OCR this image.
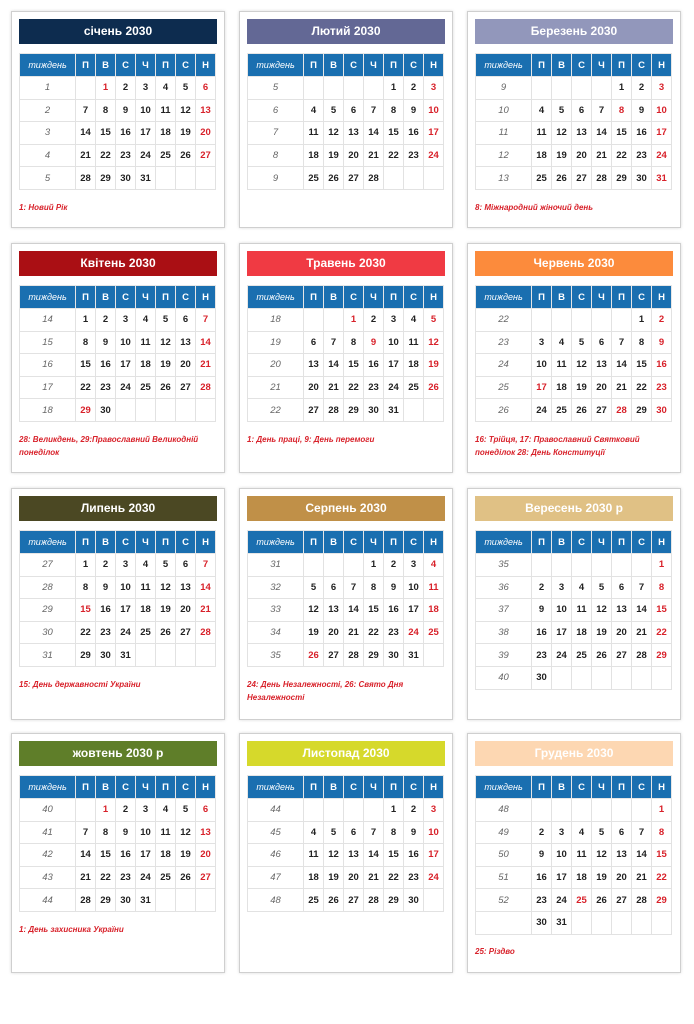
січень 2030
тиждень	П	В	С	Ч	П	С	Н
1		1	2	3	4	5	6
2	7	8	9	10	11	12	13
3	14	15	16	17	18	19	20
4	21	22	23	24	25	26	27
5	28	29	30	31			
1: Новий Рік
Лютий 2030
тиждень	П	В	С	Ч	П	С	Н
5					1	2	3
6	4	5	6	7	8	9	10
7	11	12	13	14	15	16	17
8	18	19	20	21	22	23	24
9	25	26	27	28			
Березень 2030
тиждень	П	В	С	Ч	П	С	Н
9					1	2	3
10	4	5	6	7	8	9	10
11	11	12	13	14	15	16	17
12	18	19	20	21	22	23	24
13	25	26	27	28	29	30	31
8: Міжнародний жіночий день
Квітень 2030
тиждень	П	В	С	Ч	П	С	Н
14	1	2	3	4	5	6	7
15	8	9	10	11	12	13	14
16	15	16	17	18	19	20	21
17	22	23	24	25	26	27	28
18	29	30					
28: Великдень, 29:Православний Великодній понеділок
Травень 2030
тиждень	П	В	С	Ч	П	С	Н
18			1	2	3	4	5
19	6	7	8	9	10	11	12
20	13	14	15	16	17	18	19
21	20	21	22	23	24	25	26
22	27	28	29	30	31		
1: День праці, 9: День перемоги
Червень 2030
тиждень	П	В	С	Ч	П	С	Н
22						1	2
23	3	4	5	6	7	8	9
24	10	11	12	13	14	15	16
25	17	18	19	20	21	22	23
26	24	25	26	27	28	29	30
16: Трійця, 17: Православний Святковий понеділок 28: День Конституції
Липень 2030
тиждень	П	В	С	Ч	П	С	Н
27	1	2	3	4	5	6	7
28	8	9	10	11	12	13	14
29	15	16	17	18	19	20	21
30	22	23	24	25	26	27	28
31	29	30	31				
15: День державності України
Серпень 2030
тиждень	П	В	С	Ч	П	С	Н
31				1	2	3	4
32	5	6	7	8	9	10	11
33	12	13	14	15	16	17	18
34	19	20	21	22	23	24	25
35	26	27	28	29	30	31	
24: День Незалежності, 26: Свято Дня Незалежності
Вересень 2030 р
тиждень	П	В	С	Ч	П	С	Н
35							1
36	2	3	4	5	6	7	8
37	9	10	11	12	13	14	15
38	16	17	18	19	20	21	22
39	23	24	25	26	27	28	29
40	30						
жовтень 2030 р
тиждень	П	В	С	Ч	П	С	Н
40		1	2	3	4	5	6
41	7	8	9	10	11	12	13
42	14	15	16	17	18	19	20
43	21	22	23	24	25	26	27
44	28	29	30	31			
1: День захисника України
Листопад 2030
тиждень	П	В	С	Ч	П	С	Н
44					1	2	3
45	4	5	6	7	8	9	10
46	11	12	13	14	15	16	17
47	18	19	20	21	22	23	24
48	25	26	27	28	29	30	
Грудень 2030
тиждень	П	В	С	Ч	П	С	Н
48							1
49	2	3	4	5	6	7	8
50	9	10	11	12	13	14	15
51	16	17	18	19	20	21	22
52	23	24	25	26	27	28	29
	30	31					
25: Різдво
